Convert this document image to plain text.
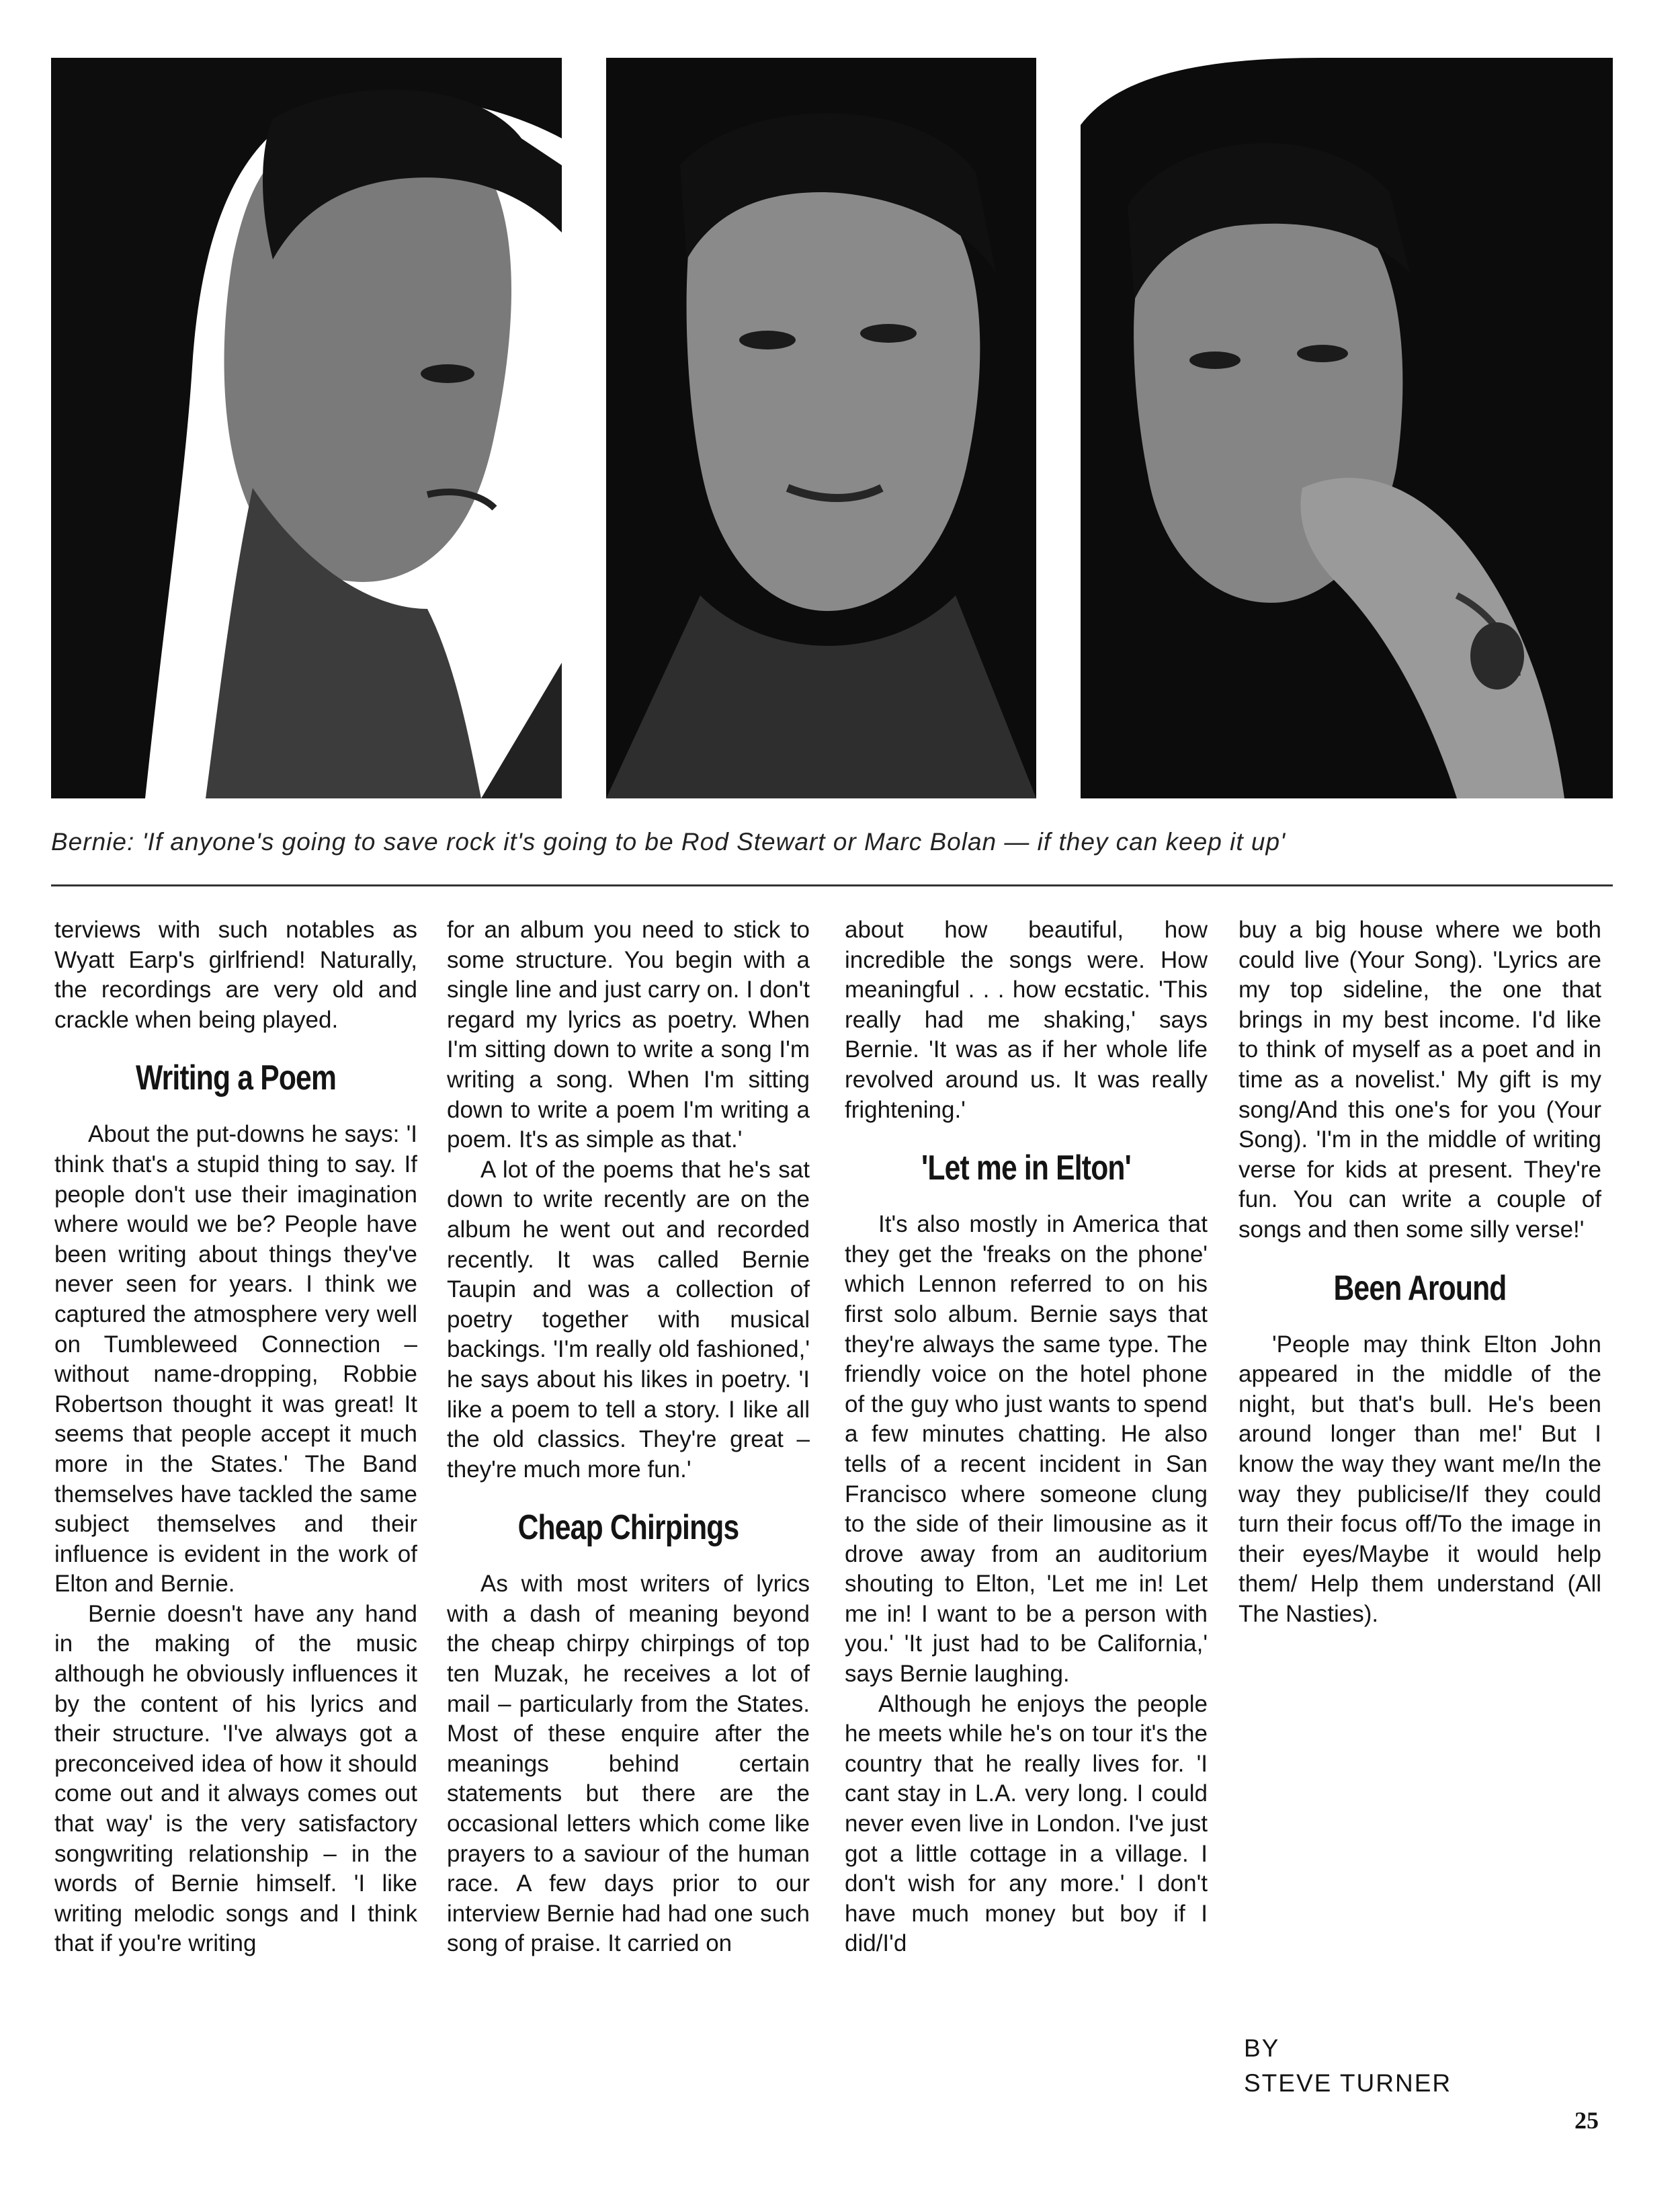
Bernie: 'If anyone's going to save rock it's going to be Rod Stewart or Marc Bolan — if they can keep it up'

terviews with such notables as Wyatt Earp's girlfriend! Naturally, the recordings are very old and crackle when being played.

Writing a Poem

About the put-downs he says: 'I think that's a stupid thing to say. If people don't use their imagination where would we be? People have been writing about things they've never seen for years. I think we captured the atmosphere very well on Tumbleweed Connection – without name-dropping, Robbie Robertson thought it was great! It seems that people accept it much more in the States.' The Band themselves have tackled the same subject themselves and their influence is evident in the work of Elton and Bernie.

Bernie doesn't have any hand in the making of the music although he obviously influences it by the content of his lyrics and their structure. 'I've always got a preconceived idea of how it should come out and it always comes out that way' is the very satisfactory songwriting relationship – in the words of Bernie himself. 'I like writing melodic songs and I think that if you're writing

for an album you need to stick to some structure. You begin with a single line and just carry on. I don't regard my lyrics as poetry. When I'm sitting down to write a song I'm writing a song. When I'm sitting down to write a poem I'm writing a poem. It's as simple as that.'

A lot of the poems that he's sat down to write recently are on the album he went out and recorded recently. It was called Bernie Taupin and was a collection of poetry together with musical backings. 'I'm really old fashioned,' he says about his likes in poetry. 'I like a poem to tell a story. I like all the old classics. They're great – they're much more fun.'

Cheap Chirpings

As with most writers of lyrics with a dash of meaning beyond the cheap chirpy chirpings of top ten Muzak, he receives a lot of mail – particularly from the States. Most of these enquire after the meanings behind certain statements but there are the occasional letters which come like prayers to a saviour of the human race. A few days prior to our interview Bernie had had one such song of praise. It carried on

about how beautiful, how incredible the songs were. How meaningful . . . how ecstatic. 'This really had me shaking,' says Bernie. 'It was as if her whole life revolved around us. It was really frightening.'

'Let me in Elton'

It's also mostly in America that they get the 'freaks on the phone' which Lennon referred to on his first solo album. Bernie says that they're always the same type. The friendly voice on the hotel phone of the guy who just wants to spend a few minutes chatting. He also tells of a recent incident in San Francisco where someone clung to the side of their limousine as it drove away from an auditorium shouting to Elton, 'Let me in! Let me in! I want to be a person with you.' 'It just had to be California,' says Bernie laughing.

Although he enjoys the people he meets while he's on tour it's the country that he really lives for. 'I cant stay in L.A. very long. I could never even live in London. I've just got a little cottage in a village. I don't wish for any more.' I don't have much money but boy if I did/I'd

buy a big house where we both could live (Your Song). 'Lyrics are my top sideline, the one that brings in my best income. I'd like to think of myself as a poet and in time as a novelist.' My gift is my song/And this one's for you (Your Song). 'I'm in the middle of writing verse for kids at present. They're fun. You can write a couple of songs and then some silly verse!'

Been Around

'People may think Elton John appeared in the middle of the night, but that's bull. He's been around longer than me!' But I know the way they want me/In the way they publicise/If they could turn their focus off/To the image in their eyes/Maybe it would help them/ Help them understand (All The Nasties).

BY
STEVE TURNER
25
